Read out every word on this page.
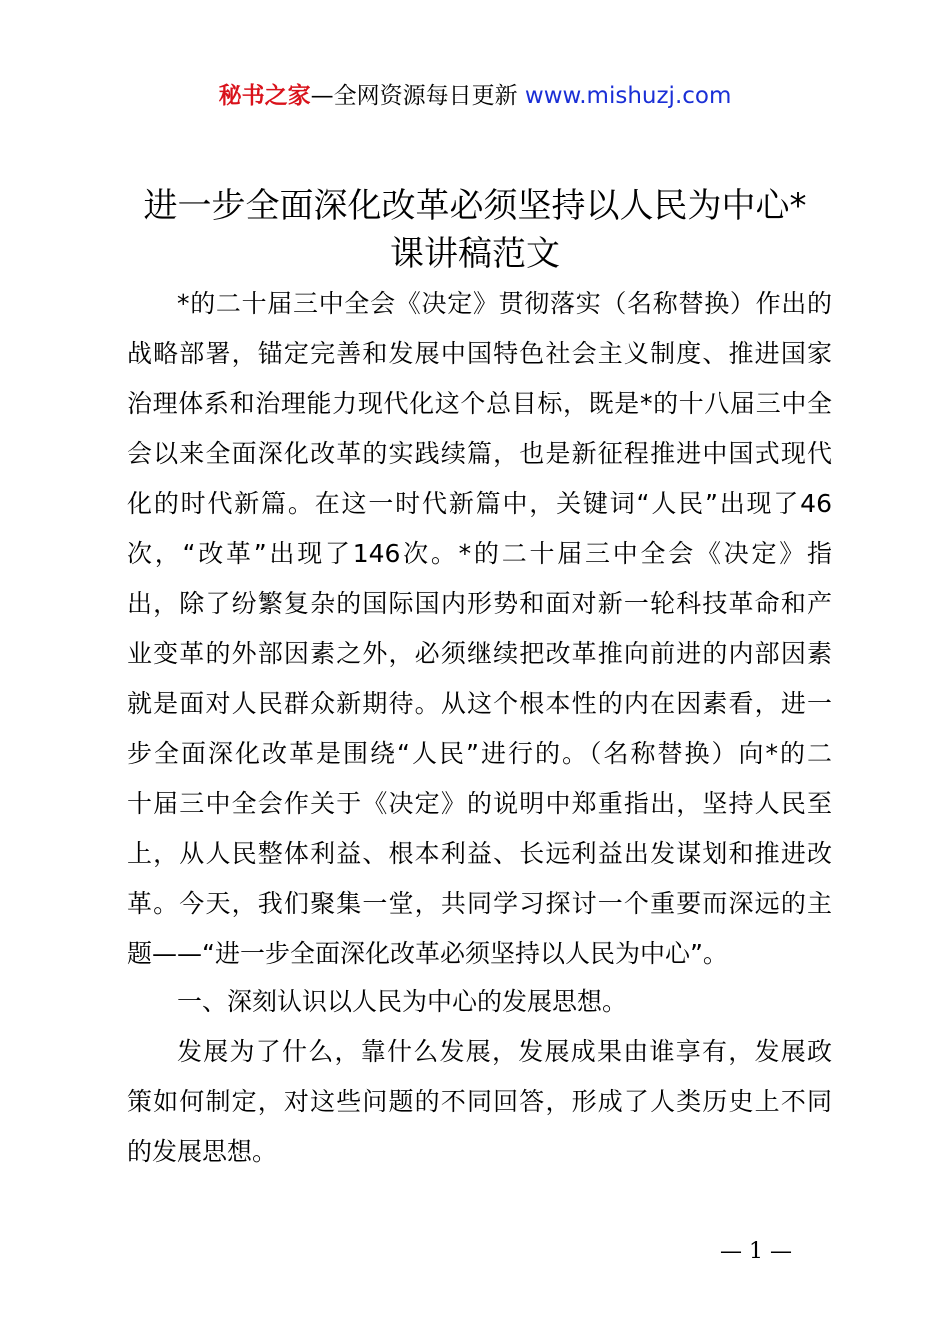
秘书之家—全网资源每日更新 www.mishuzj.com
进一步全面深化改革必须坚持以人民为中心*
课讲稿范文
*的二十届三中全会《决定》贯彻落实（名称替换）作出的
战略部署，锚定完善和发展中国特色社会主义制度、推进国家
治理体系和治理能力现代化这个总目标，既是*的十八届三中全
会以来全面深化改革的实践续篇，也是新征程推进中国式现代
化的时代新篇。在这一时代新篇中，关键词“人民”出现了46
次，“改革”出现了146次。*的二十届三中全会《决定》指
出，除了纷繁复杂的国际国内形势和面对新一轮科技革命和产
业变革的外部因素之外，必须继续把改革推向前进的内部因素
就是面对人民群众新期待。从这个根本性的内在因素看，进一
步全面深化改革是围绕“人民”进行的。（名称替换）向*的二
十届三中全会作关于《决定》的说明中郑重指出，坚持人民至
上，从人民整体利益、根本利益、长远利益出发谋划和推进改
革。今天，我们聚集一堂，共同学习探讨一个重要而深远的主
题——“进一步全面深化改革必须坚持以人民为中心”。
一、深刻认识以人民为中心的发展思想。
发展为了什么，靠什么发展，发展成果由谁享有，发展政
策如何制定，对这些问题的不同回答，形成了人类历史上不同
的发展思想。
— 1 —
